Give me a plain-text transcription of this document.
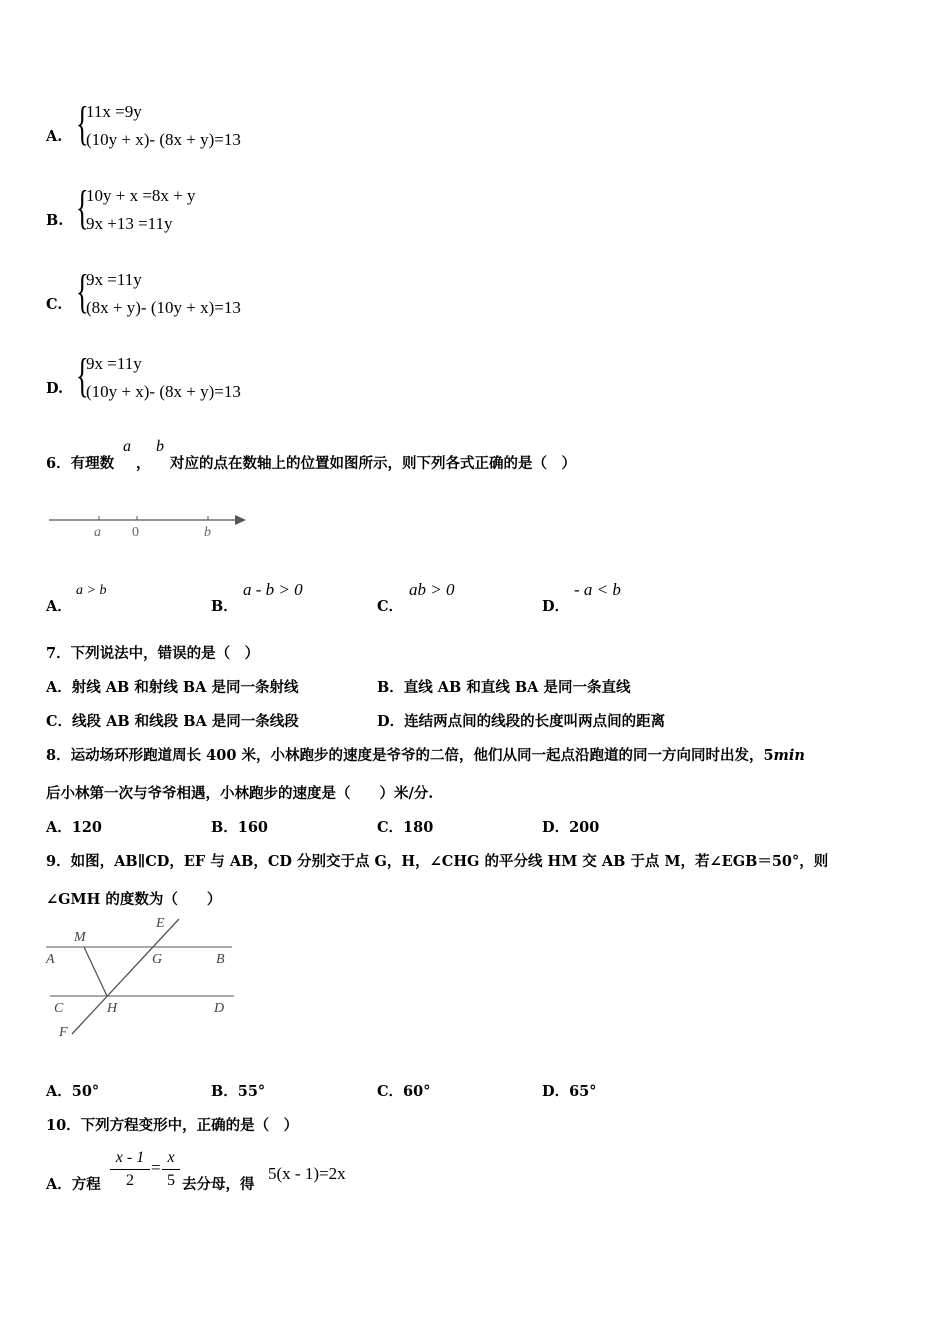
A. {
11x =9y
(10y + x)- (8x + y)=13
B. {
10y + x =8x + y
9x +13 =11y
C. {
9x =11y
(8x + y)- (10y + x)=13
D. {
9x =11y
(10y + x)- (8x + y)=13
6．有理数
a
，
b
对应的点在数轴上的位置如图所示，则下列各式正确的是（　）
a 0	b
A．
a > b
B．
a - b > 0
C．
ab > 0
D．
- a < b
7．下列说法中，错误的是（　）
A．射线 AB 和射线 BA 是同一条射线	B．直线 AB 和直线 BA 是同一条直线
C．线段 AB 和线段 BA 是同一条线段	D．连结两点间的线段的长度叫两点间的距离
8．运动场环形跑道周长 400 米，小林跑步的速度是爷爷的二倍，他们从同一起点沿跑道的同一方向同时出发，5min
后小林第一次与爷爷相遇，小林跑步的速度是（　　）米/分.
A．120	B．160	C．180	D．200
9．如图，AB∥CD，EF 与 AB，CD 分别交于点 G，H，∠CHG 的平分线 HM 交 AB 于点 M，若∠EGB＝50°，则
∠GMH 的度数为（　　）
M
E
A	G	B
C	H	D
F
A．50°	B．55°	C．60°	D．65°
10．下列方程变形中，正确的是（　）
A．方程
x - 1
2
=
x
5 去分母，得
5(x - 1)=2x
